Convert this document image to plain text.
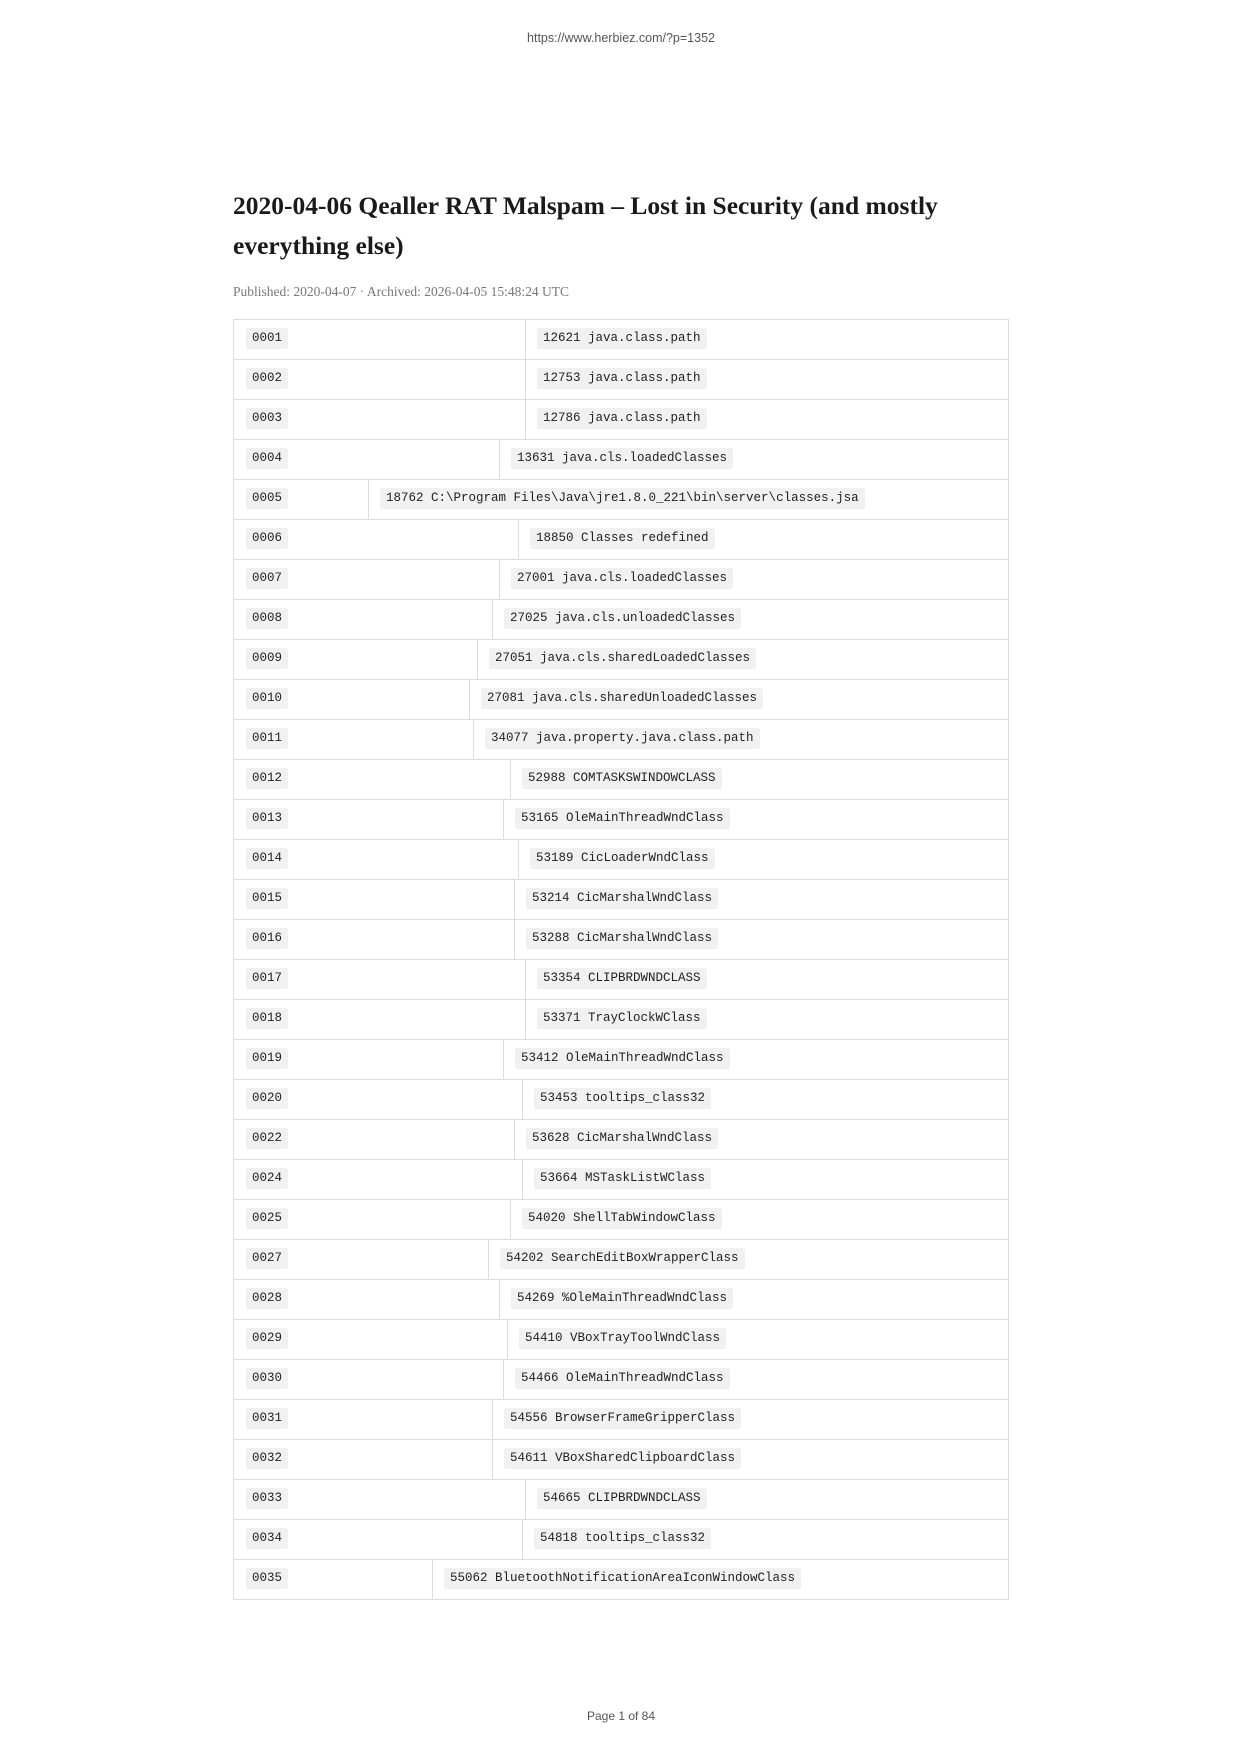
https://www.herbiez.com/?p=1352
2020-04-06 Qealler RAT Malspam – Lost in Security (and mostly everything else)
Published: 2020-04-07 · Archived: 2026-04-05 15:48:24 UTC
0001	12621 java.class.path
0002	12753 java.class.path
0003	12786 java.class.path
0004	13631 java.cls.loadedClasses
0005	18762 C:\Program Files\Java\jre1.8.0_221\bin\server\classes.jsa
0006	18850 Classes redefined
0007	27001 java.cls.loadedClasses
0008	27025 java.cls.unloadedClasses
0009	27051 java.cls.sharedLoadedClasses
0010	27081 java.cls.sharedUnloadedClasses
0011	34077 java.property.java.class.path
0012	52988 COMTASKSWINDOWCLASS
0013	53165 OleMainThreadWndClass
0014	53189 CicLoaderWndClass
0015	53214 CicMarshalWndClass
0016	53288 CicMarshalWndClass
0017	53354 CLIPBRDWNDCLASS
0018	53371 TrayClockWClass
0019	53412 OleMainThreadWndClass
0020	53453 tooltips_class32
0022	53628 CicMarshalWndClass
0024	53664 MSTaskListWClass
0025	54020 ShellTabWindowClass
0027	54202 SearchEditBoxWrapperClass
0028	54269 %OleMainThreadWndClass
0029	54410 VBoxTrayToolWndClass
0030	54466 OleMainThreadWndClass
0031	54556 BrowserFrameGripperClass
0032	54611 VBoxSharedClipboardClass
0033	54665 CLIPBRDWNDCLASS
0034	54818 tooltips_class32
0035	55062 BluetoothNotificationAreaIconWindowClass
Page 1 of 84
